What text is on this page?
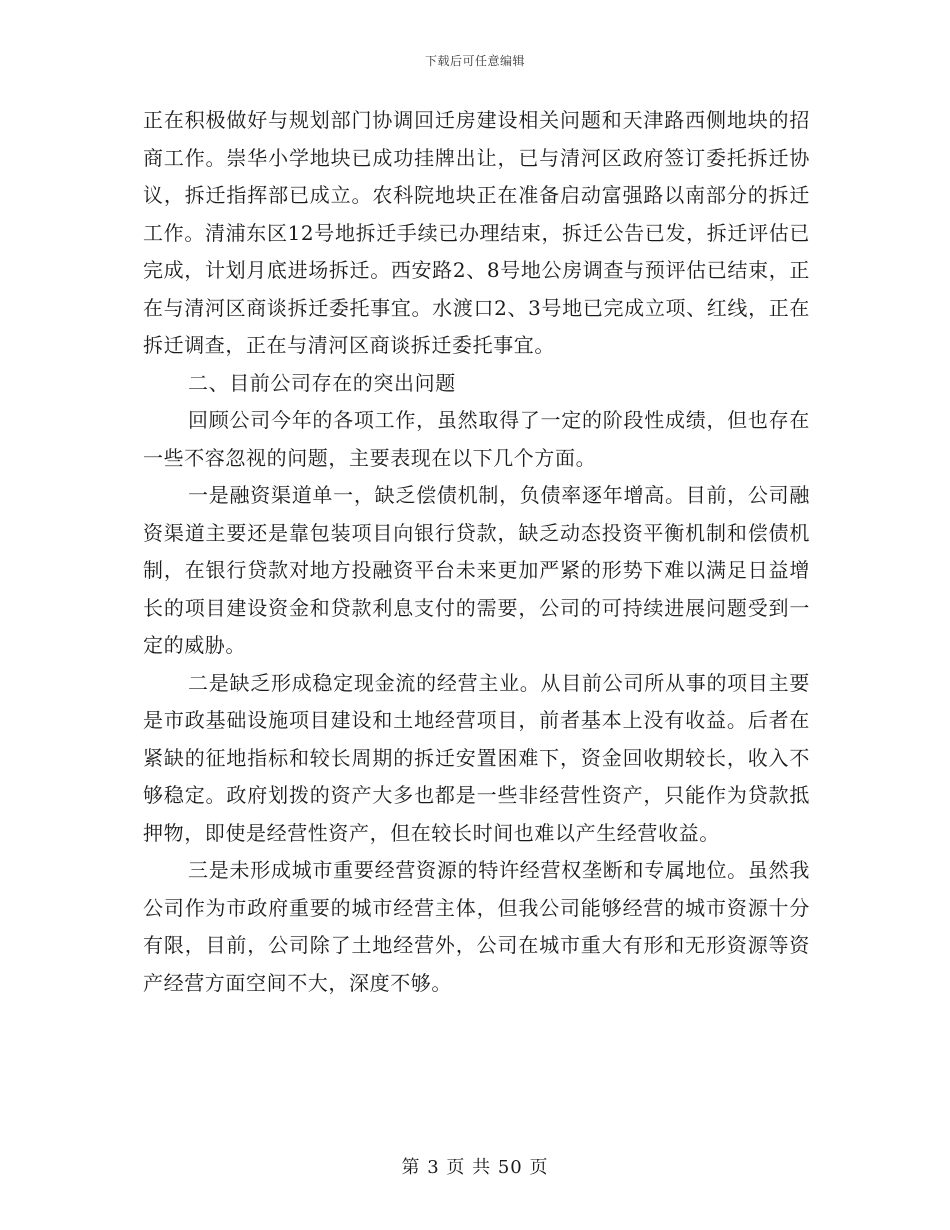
下载后可任意编辑

正在积极做好与规划部门协调回迁房建设相关问题和天津路西侧地块的招商工作。崇华小学地块已成功挂牌出让，已与清河区政府签订委托拆迁协议，拆迁指挥部已成立。农科院地块正在准备启动富强路以南部分的拆迁工作。清浦东区12号地拆迁手续已办理结束，拆迁公告已发，拆迁评估已完成，计划月底进场拆迁。西安路2、8号地公房调查与预评估已结束，正在与清河区商谈拆迁委托事宜。水渡口2、3号地已完成立项、红线，正在拆迁调查，正在与清河区商谈拆迁委托事宜。

二、目前公司存在的突出问题

回顾公司今年的各项工作，虽然取得了一定的阶段性成绩，但也存在一些不容忽视的问题，主要表现在以下几个方面。

一是融资渠道单一，缺乏偿债机制，负债率逐年增高。目前，公司融资渠道主要还是靠包装项目向银行贷款，缺乏动态投资平衡机制和偿债机制，在银行贷款对地方投融资平台未来更加严紧的形势下难以满足日益增长的项目建设资金和贷款利息支付的需要，公司的可持续进展问题受到一定的威胁。

二是缺乏形成稳定现金流的经营主业。从目前公司所从事的项目主要是市政基础设施项目建设和土地经营项目，前者基本上没有收益。后者在紧缺的征地指标和较长周期的拆迁安置困难下，资金回收期较长，收入不够稳定。政府划拨的资产大多也都是一些非经营性资产，只能作为贷款抵押物，即使是经营性资产，但在较长时间也难以产生经营收益。

三是未形成城市重要经营资源的特许经营权垄断和专属地位。虽然我公司作为市政府重要的城市经营主体，但我公司能够经营的城市资源十分有限，目前，公司除了土地经营外，公司在城市重大有形和无形资源等资产经营方面空间不大，深度不够。

第 3 页 共 50 页
